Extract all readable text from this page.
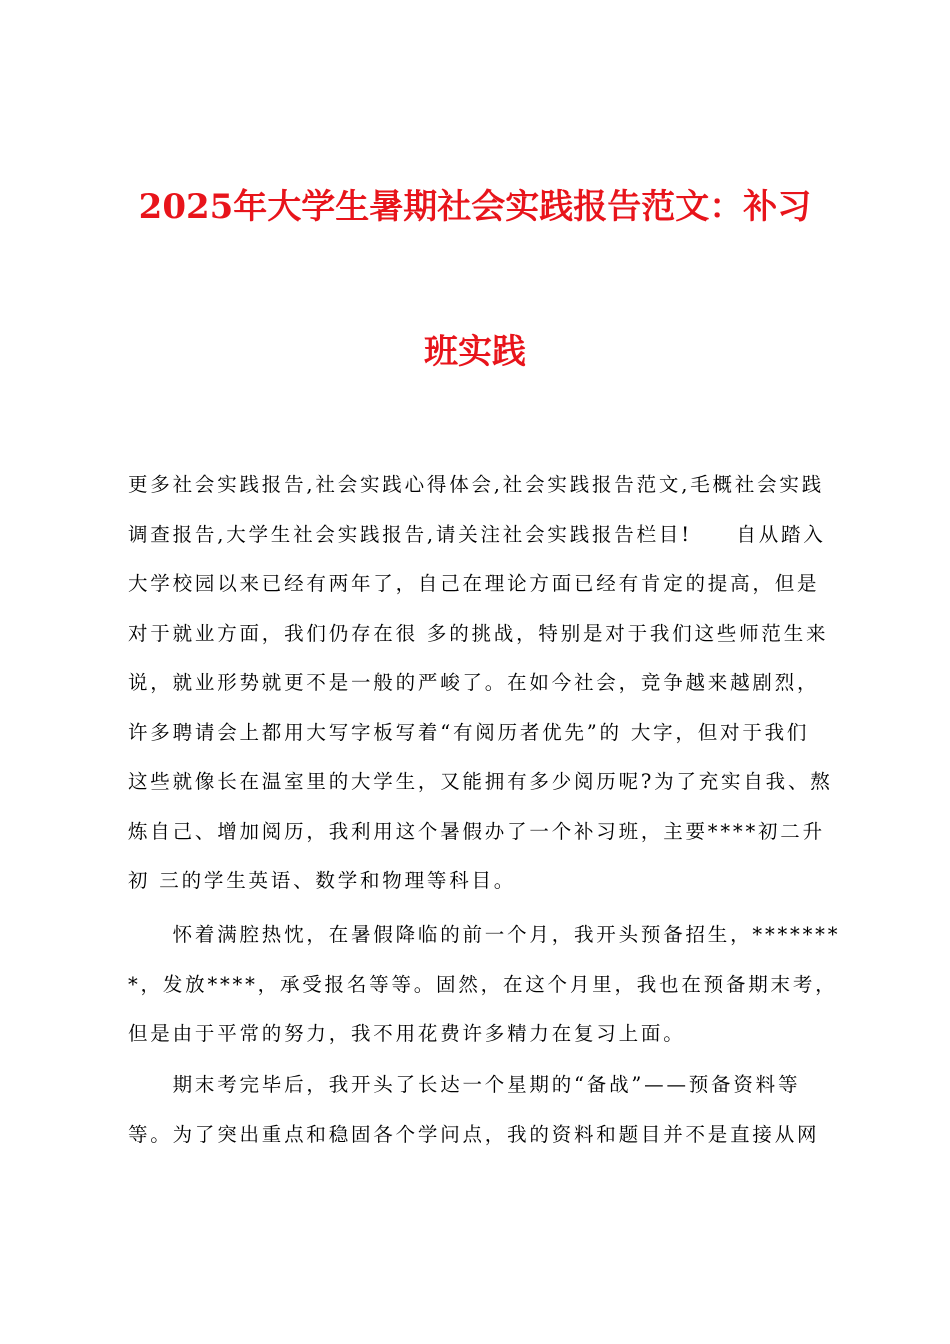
2025年大学生暑期社会实践报告范文：补习
班实践
更多社会实践报告,社会实践心得体会,社会实践报告范文,毛概社会实践
调查报告,大学生社会实践报告,请关注社会实践报告栏目!　　自从踏入
大学校园以来已经有两年了，自己在理论方面已经有肯定的提高，但是
对于就业方面，我们仍存在很 多的挑战，特别是对于我们这些师范生来
说，就业形势就更不是一般的严峻了。在如今社会，竞争越来越剧烈，
许多聘请会上都用大写字板写着“有阅历者优先”的 大字，但对于我们
这些就像长在温室里的大学生，又能拥有多少阅历呢?为了充实自我、熬
炼自己、增加阅历，我利用这个暑假办了一个补习班，主要****初二升
初 三的学生英语、数学和物理等科目。
　　怀着满腔热忱，在暑假降临的前一个月，我开头预备招生，*******
*，发放****，承受报名等等。固然，在这个月里，我也在预备期末考，
但是由于平常的努力，我不用花费许多精力在复习上面。
　　期末考完毕后，我开头了长达一个星期的“备战”——预备资料等
等。为了突出重点和稳固各个学问点，我的资料和题目并不是直接从网
